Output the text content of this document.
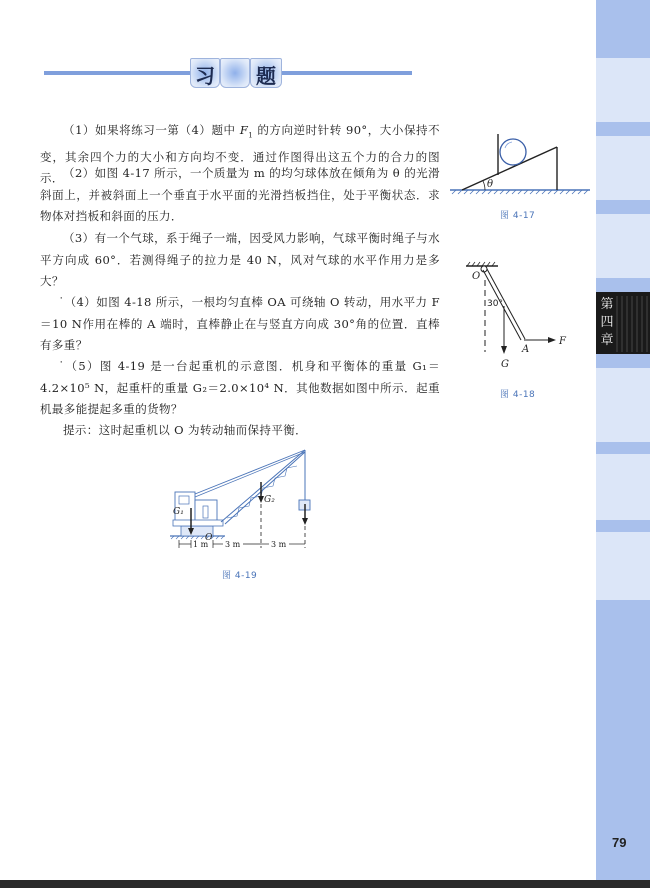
第
四
章
79
习 题
（1）如果将练习一第（4）题中 $F_1$ 的方向逆时针转 90°，大小保持不变，其余四个力的大小和方向均不变．通过作图得出这五个力的合力的图示． （2）如图 4-17 所示，一个质量为 m 的均匀球体放在倾角为 θ 的光滑斜面上，并被斜面上一个垂直于水平面的光滑挡板挡住，处于平衡状态．求物体对挡板和斜面的压力．
（3）有一个气球，系于绳子一端，因受风力影响，气球平衡时绳子与水平方向成 60°．若测得绳子的拉力是 40 N，风对气球的水平作用力是多大？
˙（4）如图 4-18 所示，一根均匀直棒 OA 可绕轴 O 转动，用水平力 F＝10 N作用在棒的 A 端时，直棒静止在与竖直方向成 30°角的位置．直棒有多重？
˙（5）图 4-19 是一台起重机的示意图．机身和平衡体的重量 G₁＝4.2×10⁵ N，起重杆的重量 G₂＝2.0×10⁴ N．其他数据如图中所示．起重机最多能提起多重的货物？
提示：这时起重机以 O 为转动轴而保持平衡．
θ
图 4-17
O
30°
A
F
G
图 4-18
G₁
G₂
O
1 m 3 m	3 m
图 4-19
